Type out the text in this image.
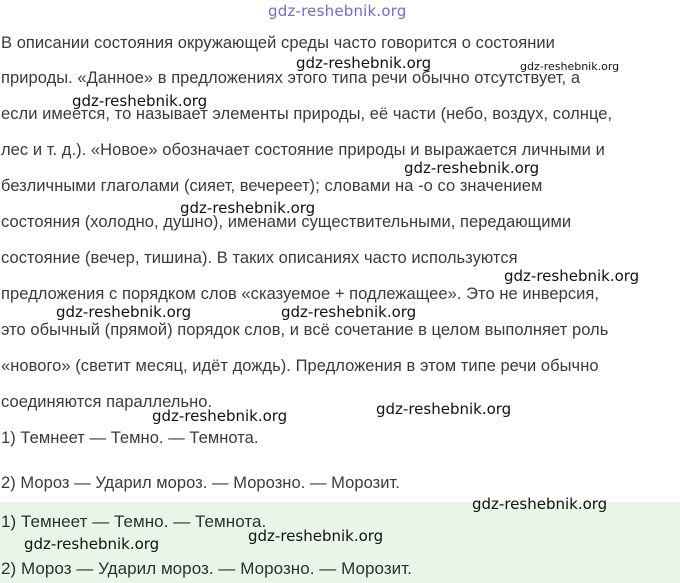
gdz-reshebnik.org
В описании состояния окружающей среды часто говорится о состоянии
природы. «Данное» в предложениях этого типа речи обычно отсутствует, а
если имеется, то называет элементы природы, её части (небо, воздух, солнце,
лес и т. д.). «Новое» обозначает состояние природы и выражается личными и
безличными глаголами (сияет, вечереет); словами на -о со значением
состояния (холодно, душно), именами существительными, передающими
состояние (вечер, тишина). В таких описаниях часто используются
предложения с порядком слов «сказуемое + подлежащее». Это не инверсия,
это обычный (прямой) порядок слов, и всё сочетание в целом выполняет роль
«нового» (светит месяц, идёт дождь). Предложения в этом типе речи обычно
соединяются параллельно.
1) Темнеет — Темно. — Темнота.
2) Мороз — Ударил мороз. — Морозно. — Морозит.
1) Темнеет — Темно. — Темнота.
2) Мороз — Ударил мороз. — Морозно. — Морозит.
gdz-reshebnik.org	gdz-reshebnik.org
gdz-reshebnik.org
gdz-reshebnik.org
gdz-reshebnik.org
gdz-reshebnik.org
gdz-reshebnik.org	gdz-reshebnik.org
gdz-reshebnik.org
gdz-reshebnik.org
gdz-reshebnik.org
gdz-reshebnik.org
gdz-reshebnik.org
